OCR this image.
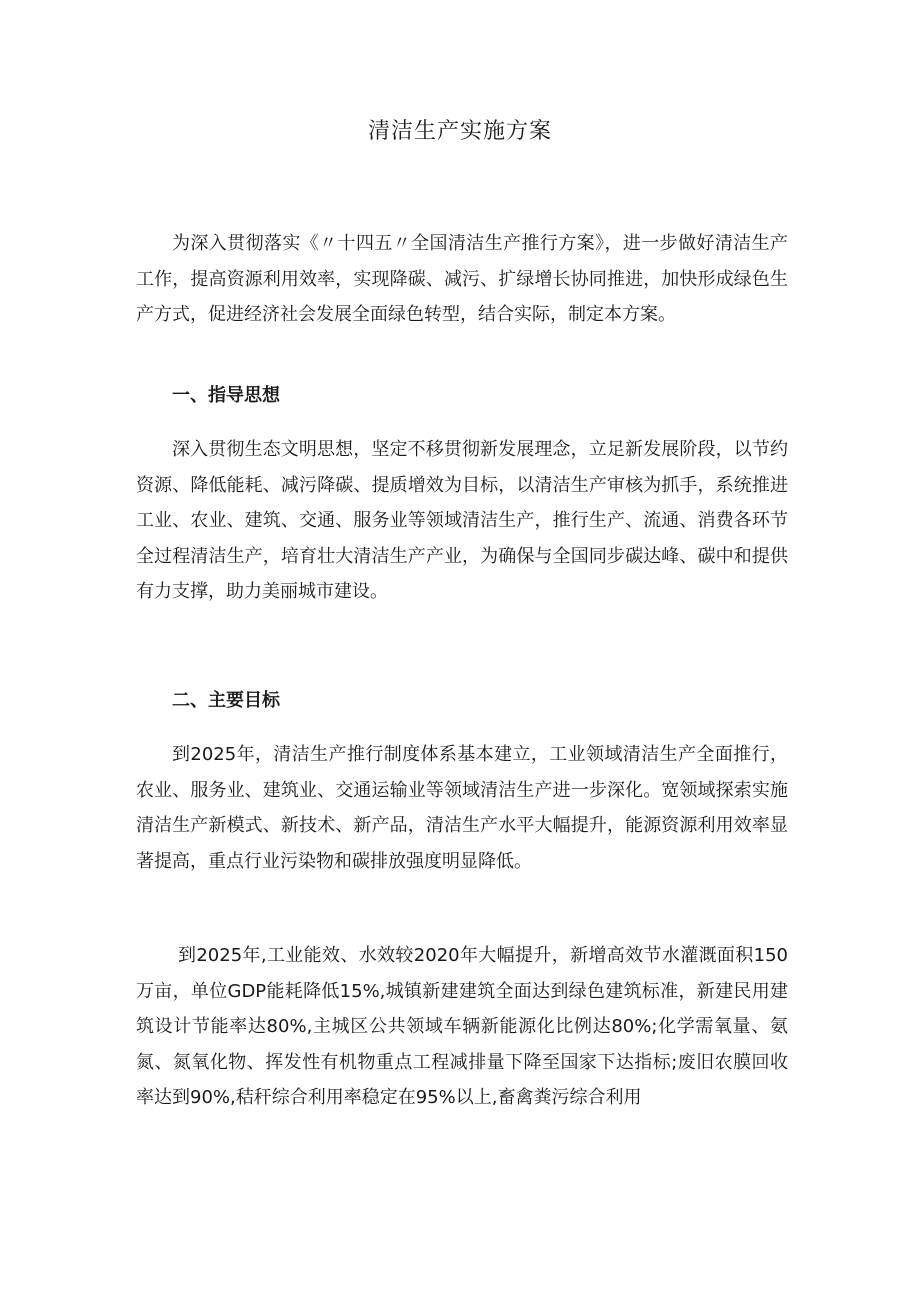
清洁生产实施方案

为深入贯彻落实《〃十四五〃全国清洁生产推行方案》，进一步做好清洁生产工作，提高资源利用效率，实现降碳、减污、扩绿增长协同推进，加快形成绿色生产方式，促进经济社会发展全面绿色转型，结合实际，制定本方案。

一、指导思想

深入贯彻生态文明思想，坚定不移贯彻新发展理念，立足新发展阶段，以节约资源、降低能耗、减污降碳、提质增效为目标，以清洁生产审核为抓手，系统推进工业、农业、建筑、交通、服务业等领域清洁生产，推行生产、流通、消费各环节全过程清洁生产，培育壮大清洁生产产业，为确保与全国同步碳达峰、碳中和提供有力支撑，助力美丽城市建设。

二、主要目标

到2025年，清洁生产推行制度体系基本建立，工业领域清洁生产全面推行，农业、服务业、建筑业、交通运输业等领域清洁生产进一步深化。宽领域探索实施清洁生产新模式、新技术、新产品，清洁生产水平大幅提升，能源资源利用效率显著提高，重点行业污染物和碳排放强度明显降低。

到2025年,工业能效、水效较2020年大幅提升，新增高效节水灌溉面积150万亩，单位GDP能耗降低15%,城镇新建建筑全面达到绿色建筑标准，新建民用建筑设计节能率达80%,主城区公共领域车辆新能源化比例达80%;化学需氧量、氨氮、氮氧化物、挥发性有机物重点工程减排量下降至国家下达指标;废旧农膜回收率达到90%,秸秆综合利用率稳定在95%以上,畜禽粪污综合利用
